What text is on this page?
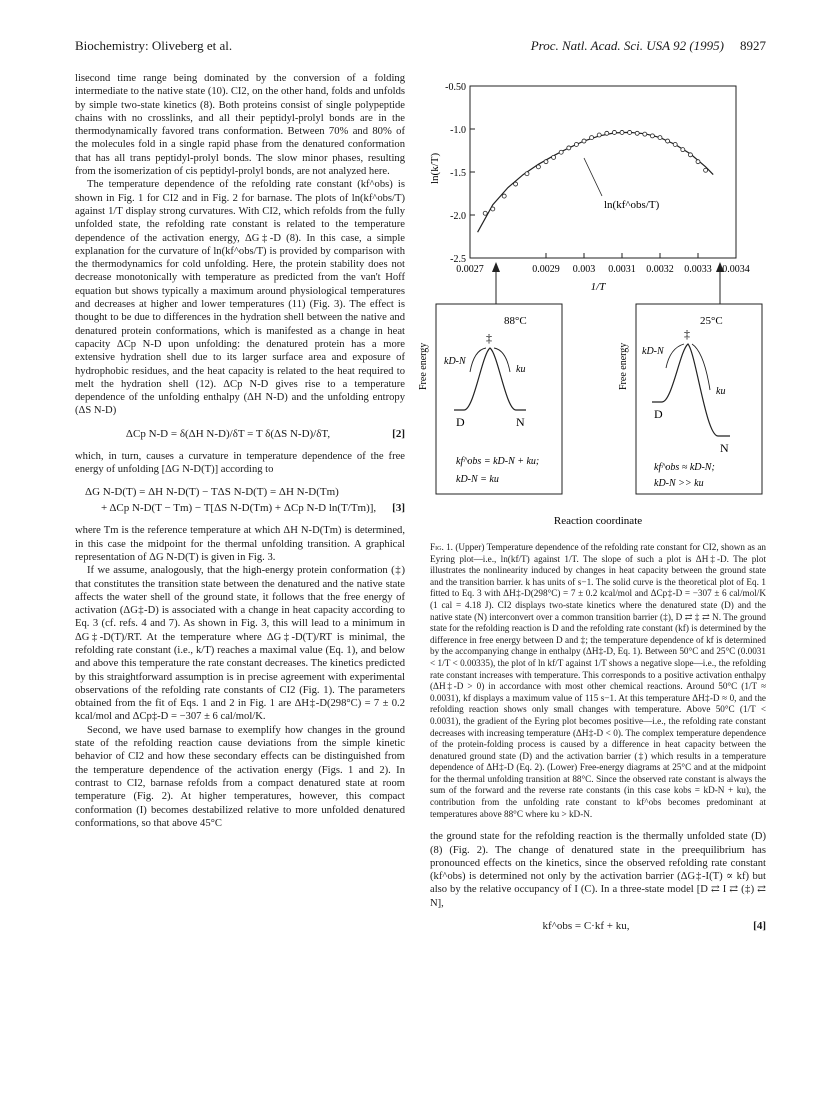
Biochemistry: Oliveberg et al.	Proc. Natl. Acad. Sci. USA 92 (1995) 8927

lisecond time range being dominated by the conversion of a folding intermediate to the native state (10). CI2, on the other hand, folds and unfolds by simple two-state kinetics (8). Both proteins consist of single polypeptide chains with no crosslinks, and all their peptidyl-prolyl bonds are in the thermodynamically favored trans conformation. Between 70% and 80% of the molecules fold in a single rapid phase from the denatured conformation that has all trans peptidyl-prolyl bonds. The slow minor phases, resulting from the isomerization of cis peptidyl-prolyl bonds, are not analyzed here.

The temperature dependence of the refolding rate constant (kf^obs) is shown in Fig. 1 for CI2 and in Fig. 2 for barnase. The plots of ln(kf^obs/T) against 1/T display strong curvatures. With CI2, which refolds from the fully unfolded state, the refolding rate constant is related to the temperature dependence of the activation energy, ΔG‡-D (8). In this case, a simple explanation for the curvature of ln(kf^obs/T) is provided by comparison with the thermodynamics for cold unfolding. Here, the protein stability does not decrease monotonically with temperature as predicted from the van't Hoff equation but shows typically a maximum around physiological temperatures and decreases at higher and lower temperatures (11) (Fig. 3). The effect is thought to be due to differences in the hydration shell between the native and denatured protein conformations, which is manifested as a change in heat capacity ΔCp N-D upon unfolding: the denatured protein has a more extensive hydration shell due to its larger surface area and exposure of hydrophobic residues, and the heat capacity is related to the heat required to melt the hydration shell (12). ΔCp N-D gives rise to a temperature dependence of the unfolding enthalpy (ΔH N-D) and the unfolding entropy (ΔS N-D)

ΔCp N-D = δ(ΔH N-D)/δT = T δ(ΔS N-D)/δT,	[2]

which, in turn, causes a curvature in temperature dependence of the free energy of unfolding [ΔG N-D(T)] according to

ΔG N-D(T) = ΔH N-D(T) − TΔS N-D(T) = ΔH N-D(Tm)
+ ΔCp N-D(T − Tm) − T[ΔS N-D(Tm) + ΔCp N-D ln(T/Tm)],	[3]

where Tm is the reference temperature at which ΔH N-D(Tm) is determined, in this case the midpoint for the thermal unfolding transition. A graphical representation of ΔG N-D(T) is given in Fig. 3.

If we assume, analogously, that the high-energy protein conformation (‡) that constitutes the transition state between the denatured and the native state affects the water shell of the ground state, it follows that the free energy of activation (ΔG‡-D) is associated with a change in heat capacity according to Eq. 3 (cf. refs. 4 and 7). As shown in Fig. 3, this will lead to a minimum in ΔG‡-D(T)/RT. At the temperature where ΔG‡-D(T)/RT is minimal, the refolding rate constant (i.e., k/T) reaches a maximal value (Eq. 1), and below and above this temperature the rate constant decreases. The kinetics predicted by this straightforward assumption is in precise agreement with experimental observations of the refolding rate constants of CI2 (Fig. 1). The parameters obtained from the fit of Eqs. 1 and 2 in Fig. 1 are ΔH‡-D(298°C) = 7 ± 0.2 kcal/mol and ΔCp‡-D = −307 ± 6 cal/mol/K.

Second, we have used barnase to exemplify how changes in the ground state of the refolding reaction cause deviations from the simple kinetic behavior of CI2 and how these secondary effects can be distinguished from the temperature dependence of the activation energy (Figs. 1 and 2). In contrast to CI2, barnase refolds from a compact denatured state at room temperature (Fig. 2). At higher temperatures, however, this compact conformation (I) becomes destabilized relative to more unfolded denatured conformations, so that above 45°C

-0.50
-1.0
-1.5
-2.0
-2.5
0.0027	0.0029 0.003 0.0031 0.0032 0.0033 0.0034
ln(k/T)
1/T
ln(kf^obs/T)
Free energy
88°C
‡
kD-N
ku
D	N
kf^obs = kD-N + ku;
kD-N = ku
Free energy
25°C
‡
kD-N
ku
D
N
kf^obs ≈ kD-N;
kD-N >> ku
Reaction coordinate

Fig. 1. (Upper) Temperature dependence of the refolding rate constant for CI2, shown as an Eyring plot—i.e., ln(kf/T) against 1/T. The slope of such a plot is ΔH‡-D. The plot illustrates the nonlinearity induced by changes in heat capacity between the ground state and the transition barrier. k has units of s−1. The solid curve is the theoretical plot of Eq. 1 fitted to Eq. 3 with ΔH‡-D(298°C) = 7 ± 0.2 kcal/mol and ΔCp‡-D = −307 ± 6 cal/mol/K (1 cal = 4.18 J). CI2 displays two-state kinetics where the denatured state (D) and the native state (N) interconvert over a common transition barrier (‡), D ⇄ ‡ ⇄ N. The ground state for the refolding reaction is D and the refolding rate constant (kf) is determined by the difference in free energy between D and ‡; the temperature dependence of kf is determined by the accompanying change in enthalpy (ΔH‡-D, Eq. 1). Between 50°C and 25°C (0.0031 < 1/T < 0.00335), the plot of ln kf/T against 1/T shows a negative slope—i.e., the refolding rate constant increases with temperature. This corresponds to a positive activation enthalpy (ΔH‡-D > 0) in accordance with most other chemical reactions. Around 50°C (1/T ≈ 0.0031), kf displays a maximum value of 115 s−1. At this temperature ΔH‡-D ≈ 0, and the refolding reaction shows only small changes with temperature. Above 50°C (1/T < 0.0031), the gradient of the Eyring plot becomes positive—i.e., the refolding rate constant decreases with increasing temperature (ΔH‡-D < 0). The complex temperature dependence of the protein-folding process is caused by a difference in heat capacity between the denatured ground state (D) and the activation barrier (‡) which results in a temperature dependence of ΔH‡-D (Eq. 2). (Lower) Free-energy diagrams at 25°C and at the midpoint for the thermal unfolding transition at 88°C. Since the observed rate constant is always the sum of the forward and the reverse rate constants (in this case kobs = kD-N + ku), the contribution from the unfolding rate constant to kf^obs becomes predominant at temperatures above 88°C where ku > kD-N.

the ground state for the refolding reaction is the thermally unfolded state (D) (8) (Fig. 2). The change of denatured state in the preequilibrium has pronounced effects on the kinetics, since the observed refolding rate constant (kf^obs) is determined not only by the activation barrier (ΔG‡-I(T) ∝ kf) but also by the relative occupancy of I (C). In a three-state model [D ⇄ I ⇄ (‡) ⇄ N],

kf^obs = C·kf + ku,	[4]
